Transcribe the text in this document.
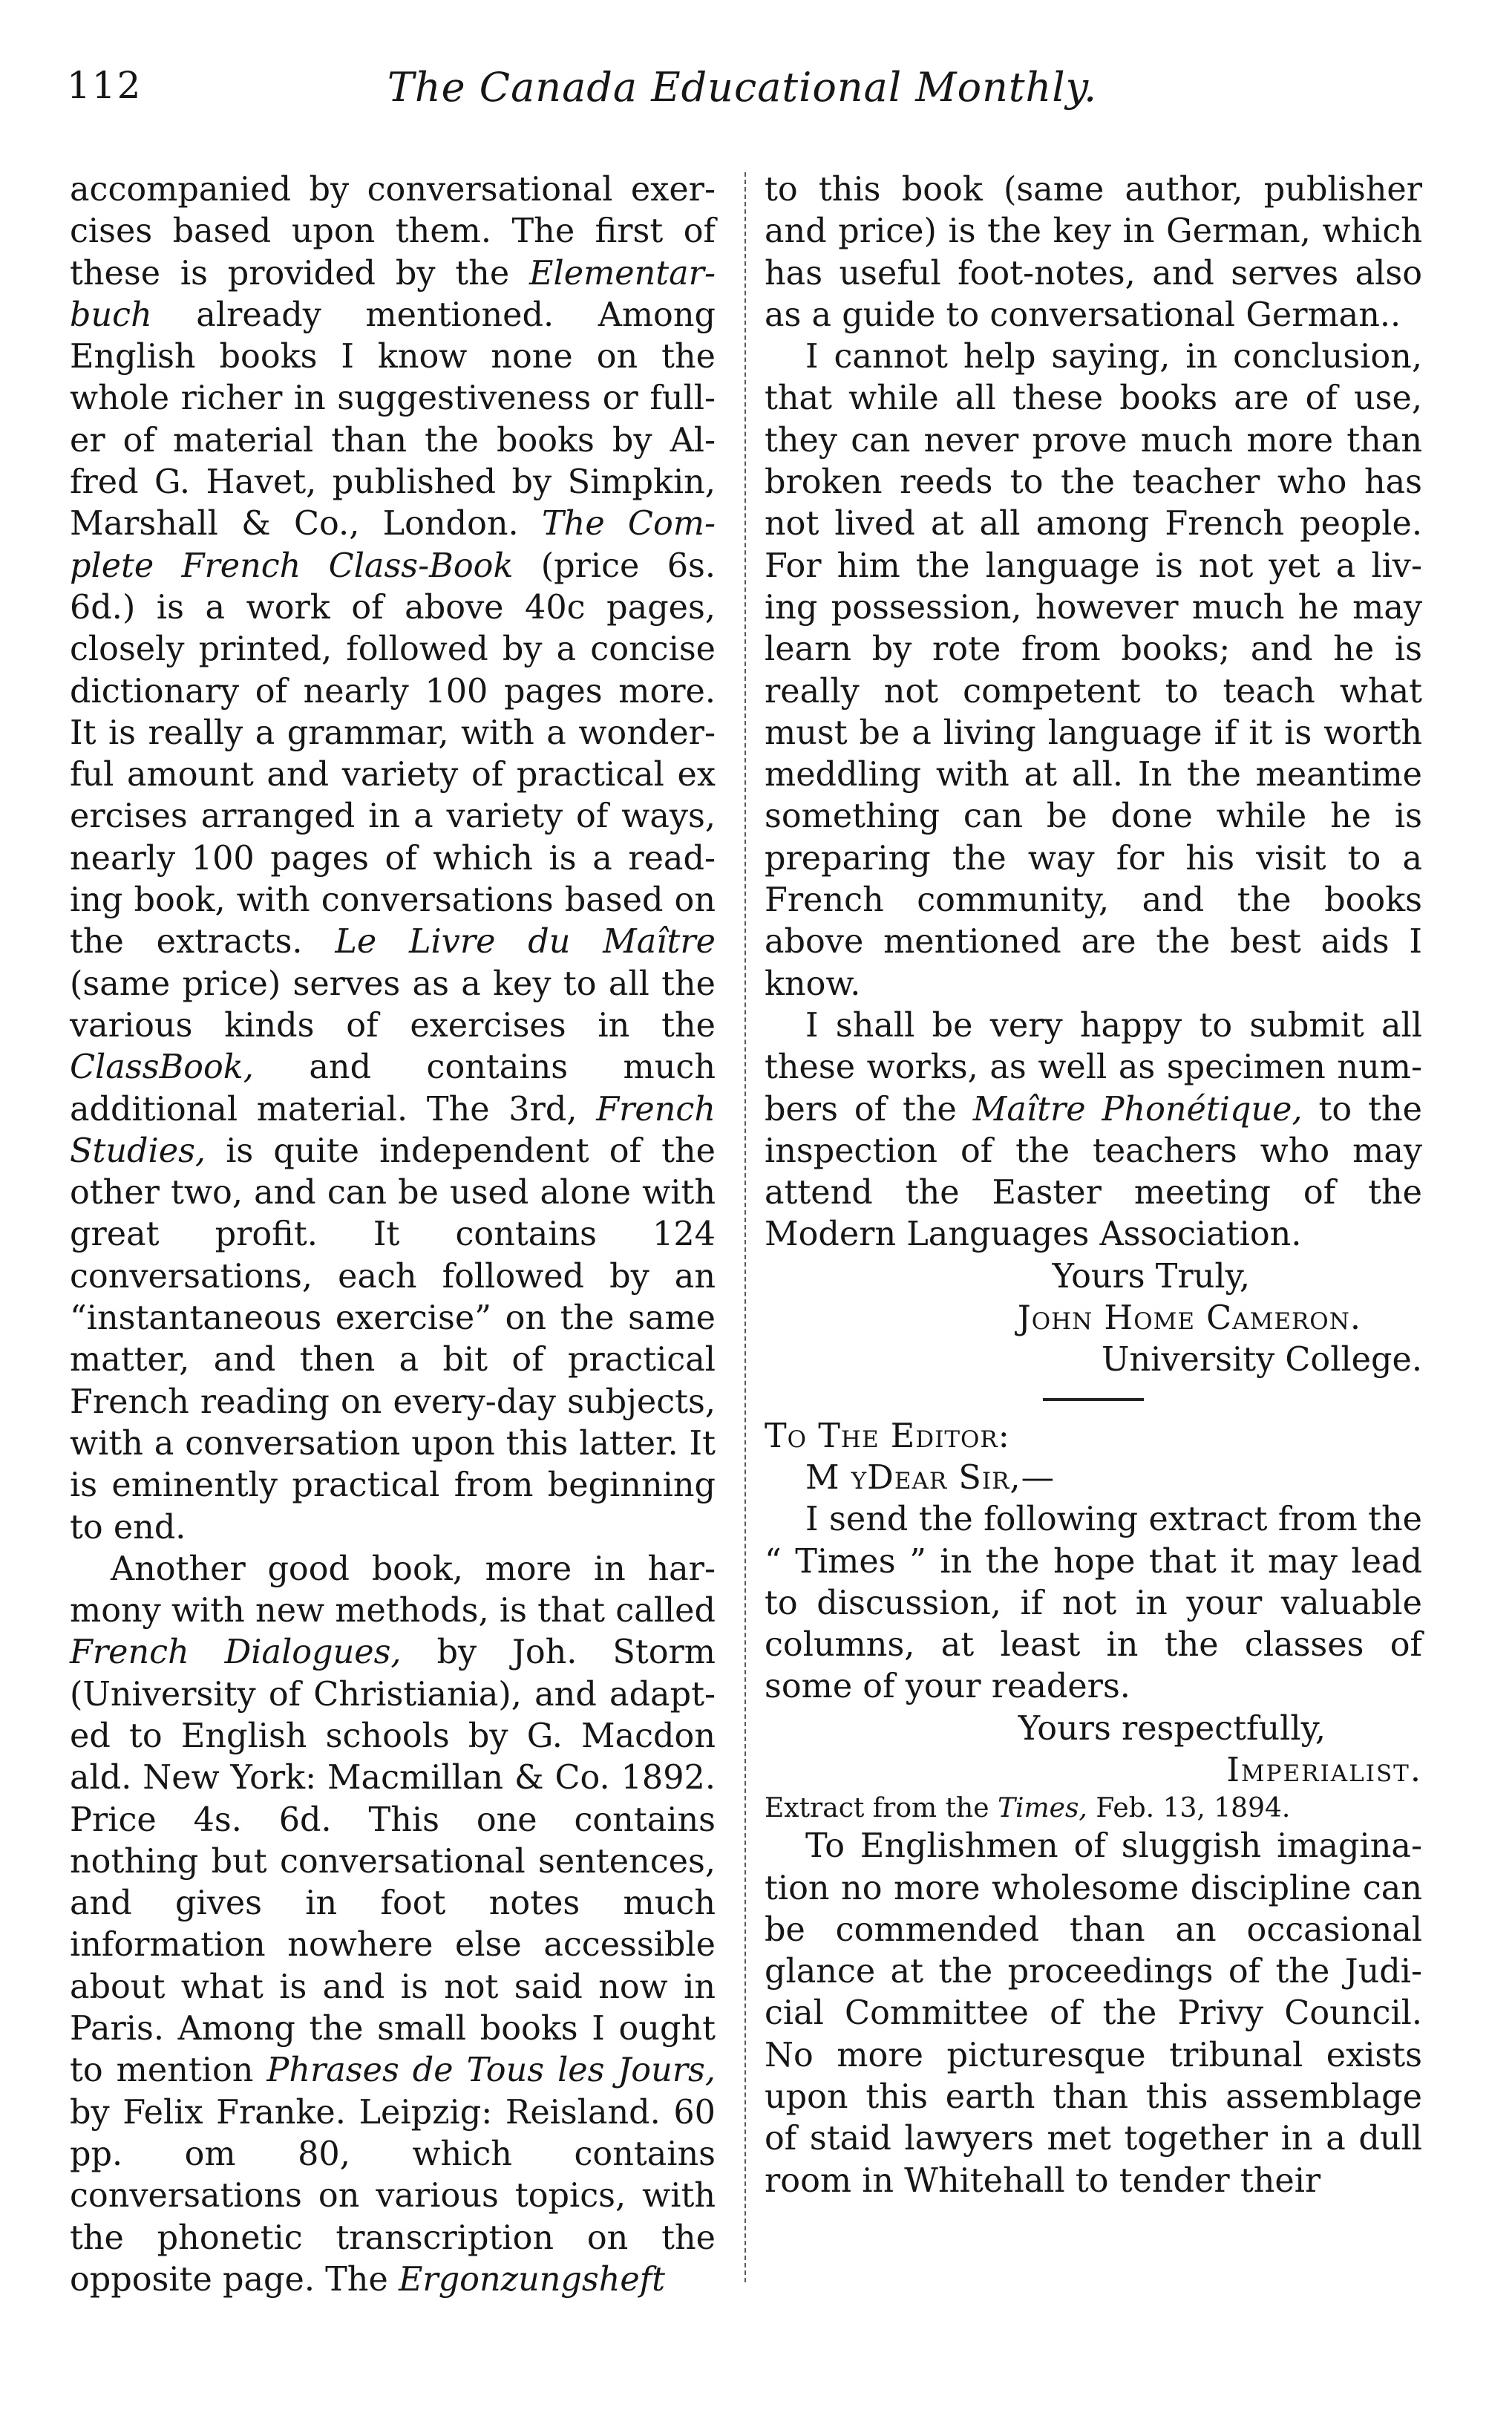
112	The Canada Educational Monthly.

accompanied by conversational exercises based upon them. The first of these is provided by the Elementarbuch already mentioned. Among English books I know none on the whole richer in suggestiveness or fuller of material than the books by Alfred G. Havet, published by Simpkin, Marshall & Co., London. The Complete French Class-Book (price 6s. 6d.) is a work of above 40c pages, closely printed, followed by a concise dictionary of nearly 100 pages more. It is really a grammar, with a wonderful amount and variety of practical ex ercises arranged in a variety of ways, nearly 100 pages of which is a reading book, with conversations based on the extracts. Le Livre du Maître (same price) serves as a key to all the various kinds of exercises in the ClassBook, and contains much additional material. The 3rd, French Studies, is quite independent of the other two, and can be used alone with great profit. It contains 124 conversations, each followed by an “instantaneous exercise” on the same matter, and then a bit of practical French reading on every-day subjects, with a conversation upon this latter. It is eminently practical from beginning to end.

Another good book, more in harmony with new methods, is that called French Dialogues, by Joh. Storm (University of Christiania), and adapted to English schools by G. Macdon ald. New York: Macmillan & Co. 1892. Price 4s. 6d. This one contains nothing but conversational sentences, and gives in foot notes much information nowhere else accessible about what is and is not said now in Paris. Among the small books I ought to mention Phrases de Tous les Jours, by Felix Franke. Leipzig: Reisland. 60 pp. om 80, which contains conversations on various topics, with the phonetic transcription on the opposite page. The Ergonzungsheft

to this book (same author, publisher and price) is the key in German, which has useful foot-notes, and serves also as a guide to conversational German..

I cannot help saying, in conclusion, that while all these books are of use, they can never prove much more than broken reeds to the teacher who has not lived at all among French people. For him the language is not yet a living possession, however much he may learn by rote from books; and he is really not competent to teach what must be a living language if it is worth meddling with at all. In the meantime something can be done while he is preparing the way for his visit to a French community, and the books above mentioned are the best aids I know.

I shall be very happy to submit all these works, as well as specimen numbers of the Maître Phonétique, to the inspection of the teachers who may attend the Easter meeting of the Modern Languages Association.

Yours Truly,

John Home Cameron.

University College.

To The Editor:

M yDear Sir,—

I send the following extract from the “ Times ” in the hope that it may lead to discussion, if not in your valuable columns, at least in the classes of some of your readers.

Yours respectfully,

Imperialist.

Extract from the Times, Feb. 13, 1894.

To Englishmen of sluggish imagination no more wholesome discipline can be commended than an occasional glance at the proceedings of the Judicial Committee of the Privy Council. No more picturesque tribunal exists upon this earth than this assemblage of staid lawyers met together in a dull room in Whitehall to tender their
